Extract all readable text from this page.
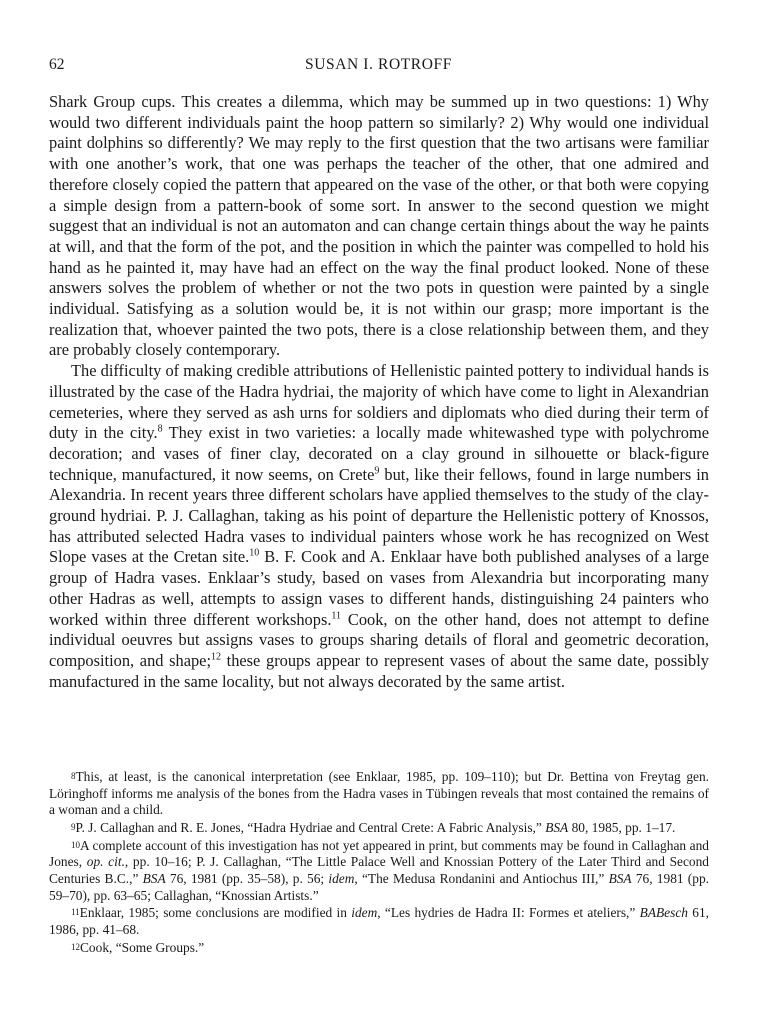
62	SUSAN I. ROTROFF

Shark Group cups. This creates a dilemma, which may be summed up in two questions: 1) Why would two different individuals paint the hoop pattern so similarly? 2) Why would one individual paint dolphins so differently? We may reply to the first question that the two artisans were familiar with one another’s work, that one was perhaps the teacher of the other, that one admired and therefore closely copied the pattern that appeared on the vase of the other, or that both were copying a simple design from a pattern-book of some sort. In answer to the second question we might suggest that an individual is not an automaton and can change certain things about the way he paints at will, and that the form of the pot, and the position in which the painter was compelled to hold his hand as he painted it, may have had an effect on the way the final product looked. None of these answers solves the problem of whether or not the two pots in question were painted by a single individual. Satisfying as a solution would be, it is not within our grasp; more important is the realization that, whoever painted the two pots, there is a close relationship between them, and they are probably closely contemporary.

The difficulty of making credible attributions of Hellenistic painted pottery to individual hands is illustrated by the case of the Hadra hydriai, the majority of which have come to light in Alexandrian cemeteries, where they served as ash urns for soldiers and diplomats who died during their term of duty in the city.$^8$ They exist in two varieties: a locally made whitewashed type with polychrome decoration; and vases of finer clay, decorated on a clay ground in silhouette or black-figure technique, manufactured, it now seems, on Crete$^9$ but, like their fellows, found in large numbers in Alexandria. In recent years three different scholars have applied themselves to the study of the clay-ground hydriai. P. J. Callaghan, taking as his point of departure the Hellenistic pottery of Knossos, has attributed selected Hadra vases to individual painters whose work he has recognized on West Slope vases at the Cretan site.$^{10}$ B. F. Cook and A. Enklaar have both published analyses of a large group of Hadra vases. Enklaar’s study, based on vases from Alexandria but incorporating many other Hadras as well, attempts to assign vases to different hands, distinguishing 24 painters who worked within three different workshops.$^{11}$ Cook, on the other hand, does not attempt to define individual oeuvres but assigns vases to groups sharing details of floral and geometric decoration, composition, and shape;$^{12}$ these groups appear to represent vases of about the same date, possibly manufactured in the same locality, but not always decorated by the same artist.

$^8$This, at least, is the canonical interpretation (see Enklaar, 1985, pp. 109–110); but Dr. Bettina von Freytag gen. Löringhoff informs me analysis of the bones from the Hadra vases in Tübingen reveals that most contained the remains of a woman and a child.

$^9$P. J. Callaghan and R. E. Jones, “Hadra Hydriae and Central Crete: A Fabric Analysis,” BSA 80, 1985, pp. 1–17.

$^{10}$A complete account of this investigation has not yet appeared in print, but comments may be found in Callaghan and Jones, op. cit., pp. 10–16; P. J. Callaghan, “The Little Palace Well and Knossian Pottery of the Later Third and Second Centuries B.C.,” BSA 76, 1981 (pp. 35–58), p. 56; idem, “The Medusa Rondanini and Antiochus III,” BSA 76, 1981 (pp. 59–70), pp. 63–65; Callaghan, “Knossian Artists.”

$^{11}$Enklaar, 1985; some conclusions are modified in idem, “Les hydries de Hadra II: Formes et ateliers,” BABesch 61, 1986, pp. 41–68.

$^{12}$Cook, “Some Groups.”
